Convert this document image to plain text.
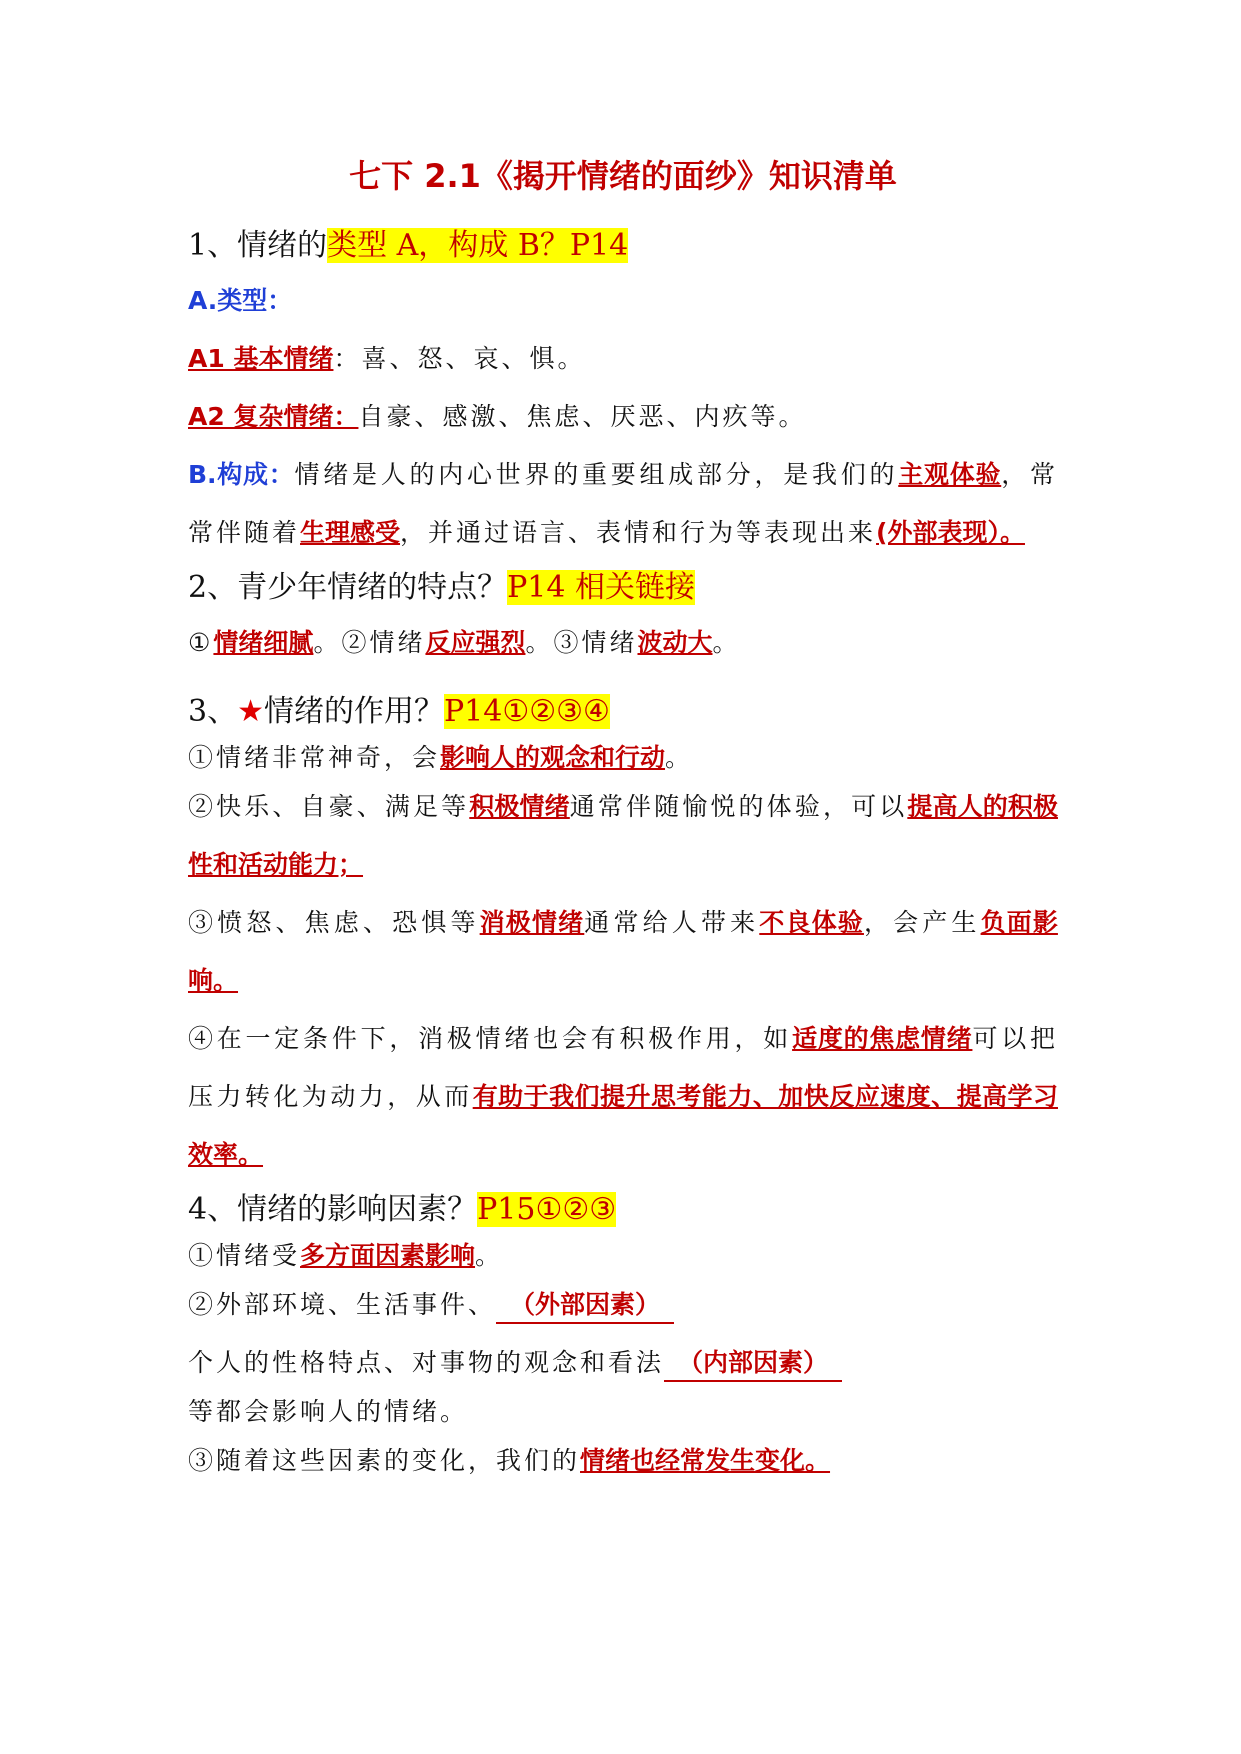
七下 2.1《揭开情绪的面纱》知识清单

1、情绪的类型 A，构成 B？P14

A.类型：

A1 基本情绪：喜、怒、哀、惧。

A2 复杂情绪：自豪、感激、焦虑、厌恶、内疚等。

B.构成：情绪是人的内心世界的重要组成部分，是我们的主观体验，常常伴随着生理感受，并通过语言、表情和行为等表现出来(外部表现）。

2、青少年情绪的特点？P14 相关链接

①情绪细腻。②情绪反应强烈。③情绪波动大。

3、★情绪的作用？P14①②③④

①情绪非常神奇，会影响人的观念和行动。

②快乐、自豪、满足等积极情绪通常伴随愉悦的体验，可以提高人的积极性和活动能力；

③愤怒、焦虑、恐惧等消极情绪通常给人带来不良体验，会产生负面影响。

④在一定条件下，消极情绪也会有积极作用，如适度的焦虑情绪可以把压力转化为动力，从而有助于我们提升思考能力、加快反应速度、提高学习效率。

4、情绪的影响因素？P15①②③

①情绪受多方面因素影响。

②外部环境、生活事件、 （外部因素）

个人的性格特点、对事物的观念和看法 （内部因素）

等都会影响人的情绪。

③随着这些因素的变化，我们的情绪也经常发生变化。
